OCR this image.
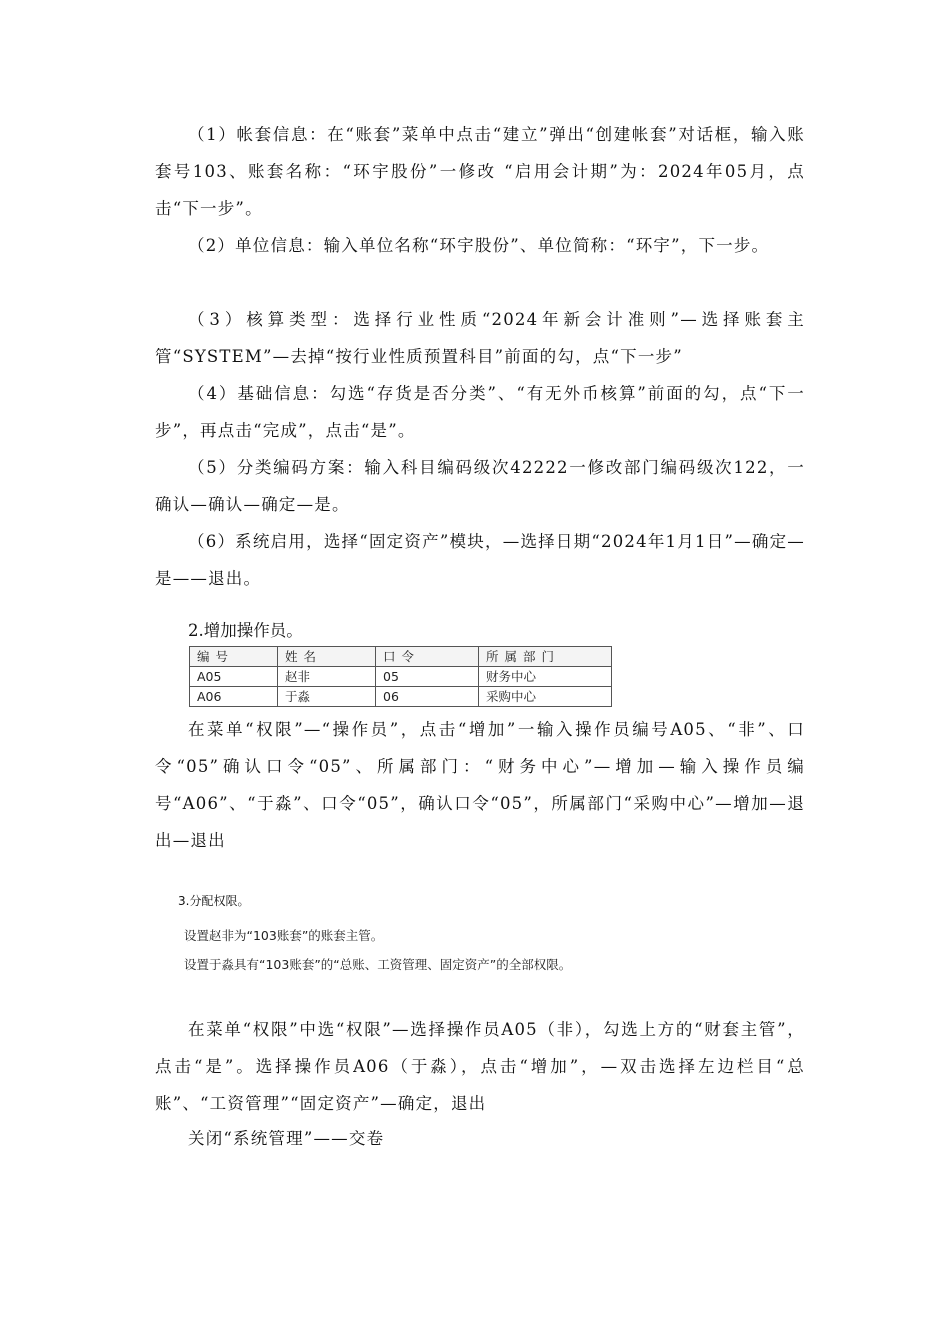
（1）帐套信息：在“账套”菜单中点击“建立”弹出“创建帐套”对话框，输入账套号103、账套名称：“环宇股份”一修改 “启用会计期”为：2024年05月，点击“下一步”。

（2）单位信息：输入单位名称“环宇股份”、单位简称：“环宇”，下一步。

（3）核算类型：选择行业性质“2024年新会计准则”—选择账套主管“SYSTEM”—去掉“按行业性质预置科目”前面的勾，点“下一步”

（4）基础信息：勾选“存货是否分类”、“有无外币核算”前面的勾，点“下一步”，再点击“完成”，点击“是”。

（5）分类编码方案：输入科目编码级次42222一修改部门编码级次122，一确认—确认—确定—是。

（6）系统启用，选择“固定资产”模块，—选择日期“2024年1月1日”—确定—是——退出。

2.增加操作员。

编号	姓名	口令	所属部门
A05	赵非	05	财务中心
A06	于淼	06	采购中心

在菜单“权限”—“操作员”，点击“增加”一输入操作员编号A05、“非”、口令“05”确认口令“05”、所属部门：“财务中心”—增加—输入操作员编号“A06”、“于淼”、口令“05”，确认口令“05”，所属部门“采购中心”—增加—退出—退出

3.分配权限。

设置赵非为“103账套”的账套主管。

设置于淼具有“103账套”的“总账、工资管理、固定资产”的全部权限。

在菜单“权限”中选“权限”—选择操作员A05（非），勾选上方的“财套主管”，点击“是”。选择操作员A06（于淼），点击“增加”，—双击选择左边栏目“总账”、“工资管理”“固定资产”—确定，退出

关闭“系统管理”——交卷
